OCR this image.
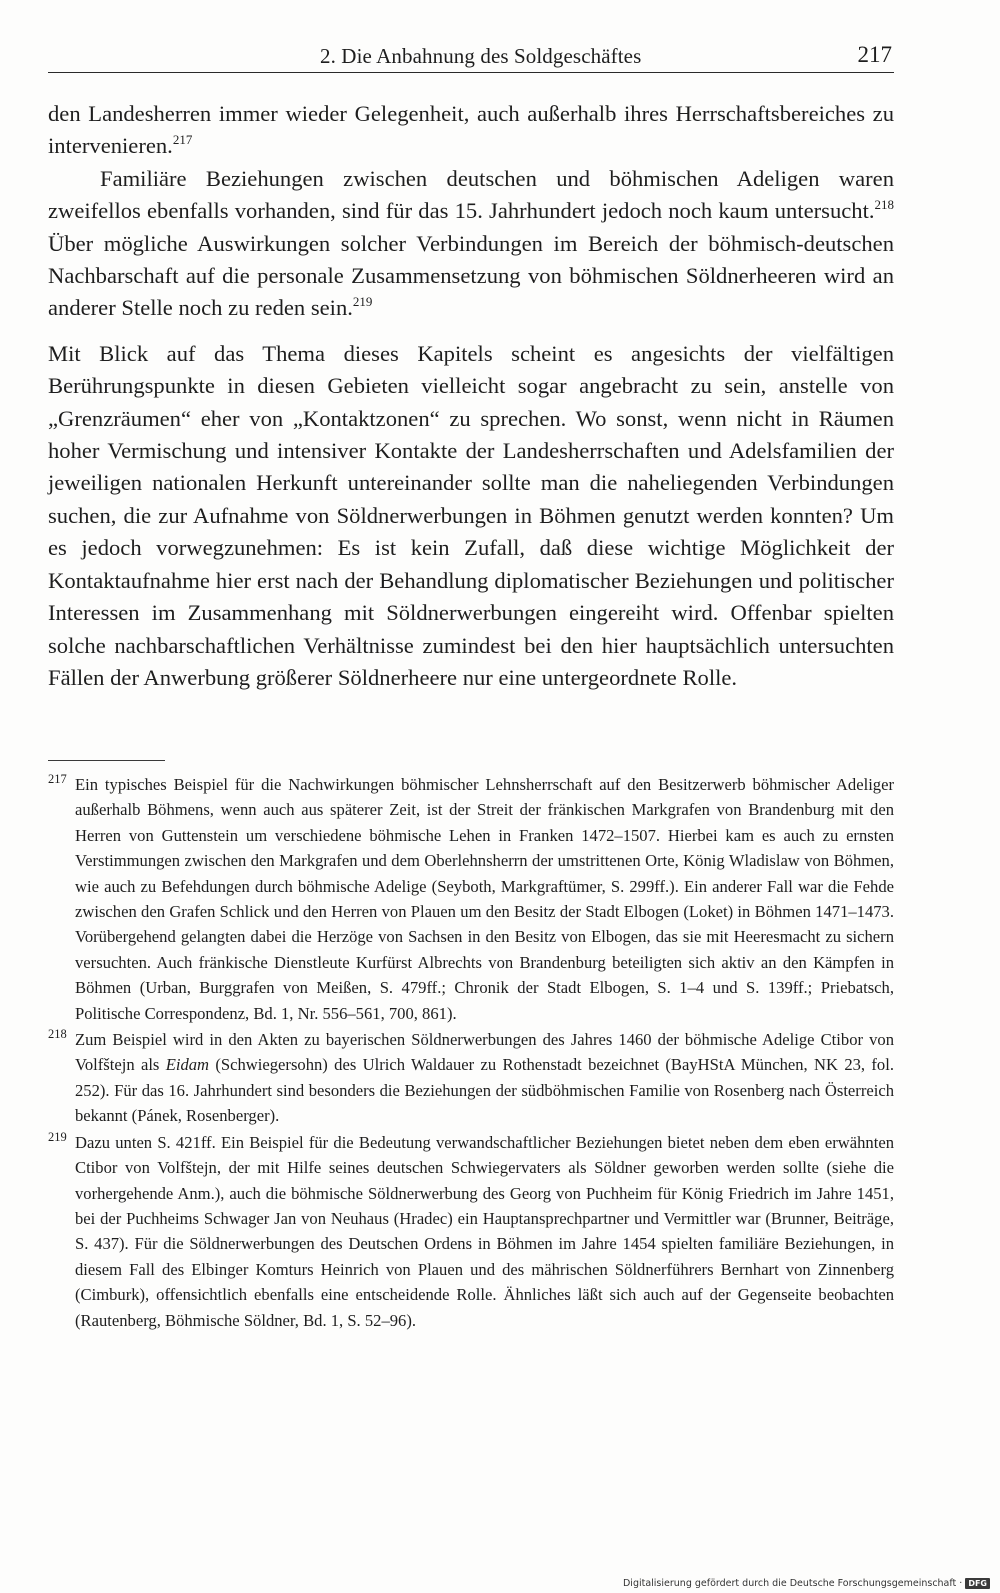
2. Die Anbahnung des Soldgeschäftes	217

den Landesherren immer wieder Gelegenheit, auch außerhalb ihres Herrschaftsbereiches zu intervenieren.$^{217}$

Familiäre Beziehungen zwischen deutschen und böhmischen Adeligen waren zweifellos ebenfalls vorhanden, sind für das 15. Jahrhundert jedoch noch kaum untersucht.$^{218}$ Über mögliche Auswirkungen solcher Verbindungen im Bereich der böhmisch-deutschen Nachbarschaft auf die personale Zusammensetzung von böhmischen Söldnerheeren wird an anderer Stelle noch zu reden sein.$^{219}$

Mit Blick auf das Thema dieses Kapitels scheint es angesichts der vielfältigen Berührungspunkte in diesen Gebieten vielleicht sogar angebracht zu sein, anstelle von „Grenzräumen“ eher von „Kontaktzonen“ zu sprechen. Wo sonst, wenn nicht in Räumen hoher Vermischung und intensiver Kontakte der Landesherrschaften und Adelsfamilien der jeweiligen nationalen Herkunft untereinander sollte man die naheliegenden Verbindungen suchen, die zur Aufnahme von Söldnerwerbungen in Böhmen genutzt werden konnten? Um es jedoch vorwegzunehmen: Es ist kein Zufall, daß diese wichtige Möglichkeit der Kontaktaufnahme hier erst nach der Behandlung diplomatischer Beziehungen und politischer Interessen im Zusammenhang mit Söldnerwerbungen eingereiht wird. Offenbar spielten solche nachbarschaftlichen Verhältnisse zumindest bei den hier hauptsächlich untersuchten Fällen der Anwerbung größerer Söldnerheere nur eine untergeordnete Rolle.

217 Ein typisches Beispiel für die Nachwirkungen böhmischer Lehnsherrschaft auf den Besitzerwerb böhmischer Adeliger außerhalb Böhmens, wenn auch aus späterer Zeit, ist der Streit der fränkischen Markgrafen von Brandenburg mit den Herren von Guttenstein um verschiedene böhmische Lehen in Franken 1472–1507. Hierbei kam es auch zu ernsten Verstimmungen zwischen den Markgrafen und dem Oberlehnsherrn der umstrittenen Orte, König Wladislaw von Böhmen, wie auch zu Befehdungen durch böhmische Adelige (Seyboth, Markgraftümer, S. 299ff.). Ein anderer Fall war die Fehde zwischen den Grafen Schlick und den Herren von Plauen um den Besitz der Stadt Elbogen (Loket) in Böhmen 1471–1473. Vorübergehend gelangten dabei die Herzöge von Sachsen in den Besitz von Elbogen, das sie mit Heeresmacht zu sichern versuchten. Auch fränkische Dienstleute Kurfürst Albrechts von Brandenburg beteiligten sich aktiv an den Kämpfen in Böhmen (Urban, Burggrafen von Meißen, S. 479ff.; Chronik der Stadt Elbogen, S. 1–4 und S. 139ff.; Priebatsch, Politische Correspondenz, Bd. 1, Nr. 556–561, 700, 861).

218 Zum Beispiel wird in den Akten zu bayerischen Söldnerwerbungen des Jahres 1460 der böhmische Adelige Ctibor von Volfštejn als Eidam (Schwiegersohn) des Ulrich Waldauer zu Rothenstadt bezeichnet (BayHStA München, NK 23, fol. 252). Für das 16. Jahrhundert sind besonders die Beziehungen der südböhmischen Familie von Rosenberg nach Österreich bekannt (Pánek, Rosenberger).

219 Dazu unten S. 421ff. Ein Beispiel für die Bedeutung verwandschaftlicher Beziehungen bietet neben dem eben erwähnten Ctibor von Volfštejn, der mit Hilfe seines deutschen Schwiegervaters als Söldner geworben werden sollte (siehe die vorhergehende Anm.), auch die böhmische Söldnerwerbung des Georg von Puchheim für König Friedrich im Jahre 1451, bei der Puchheims Schwager Jan von Neuhaus (Hradec) ein Hauptansprechpartner und Vermittler war (Brunner, Beiträge, S. 437). Für die Söldnerwerbungen des Deutschen Ordens in Böhmen im Jahre 1454 spielten familiäre Beziehungen, in diesem Fall des Elbinger Komturs Heinrich von Plauen und des mährischen Söldnerführers Bernhart von Zinnenberg (Cimburk), offensichtlich ebenfalls eine entscheidende Rolle. Ähnliches läßt sich auch auf der Gegenseite beobachten (Rautenberg, Böhmische Söldner, Bd. 1, S. 52–96).

Digitalisierung gefördert durch die Deutsche Forschungsgemeinschaft · DFG
